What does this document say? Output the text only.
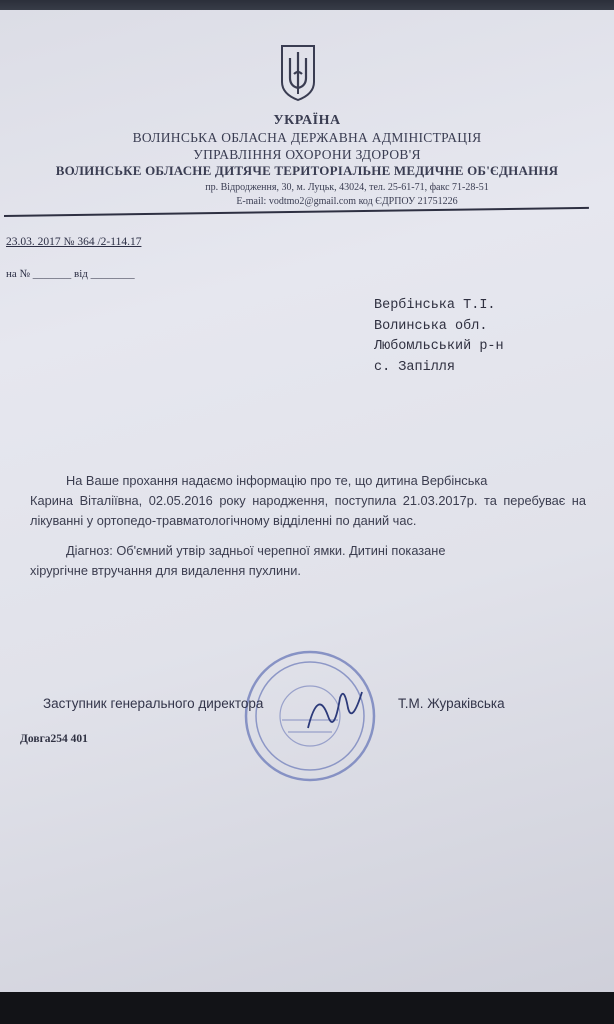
УКРАЇНА
ВОЛИНСЬКА ОБЛАСНА ДЕРЖАВНА АДМІНІСТРАЦІЯ
УПРАВЛІННЯ ОХОРОНИ ЗДОРОВ'Я
ВОЛИНСЬКЕ ОБЛАСНЕ ДИТЯЧЕ ТЕРИТОРІАЛЬНЕ МЕДИЧНЕ ОБ'ЄДНАННЯ
пр. Відродження, 30, м. Луцьк, 43024, тел. 25-61-71, факс 71-28-51
E-mail: vodtmo2@gmail.com код ЄДРПОУ 21751226
23.03. 2017 № 364 /2-114.17
на № _______ від ________
Вербінська Т.І.
Волинська обл.
Любомльський р-н
с. Запілля

На Ваше прохання надаємо інформацію про те, що дитина Вербінська

Карина Віталіївна, 02.05.2016 року народження, поступила 21.03.2017р. та перебуває на лікуванні у ортопедо-травматологічному відділенні по даний час.

Діагноз: Об'ємний утвір задньої черепної ямки. Дитині показане

хірургічне втручання для видалення пухлини.

Заступник генерального директора	Т.М. Жураківська
Довга254 401
